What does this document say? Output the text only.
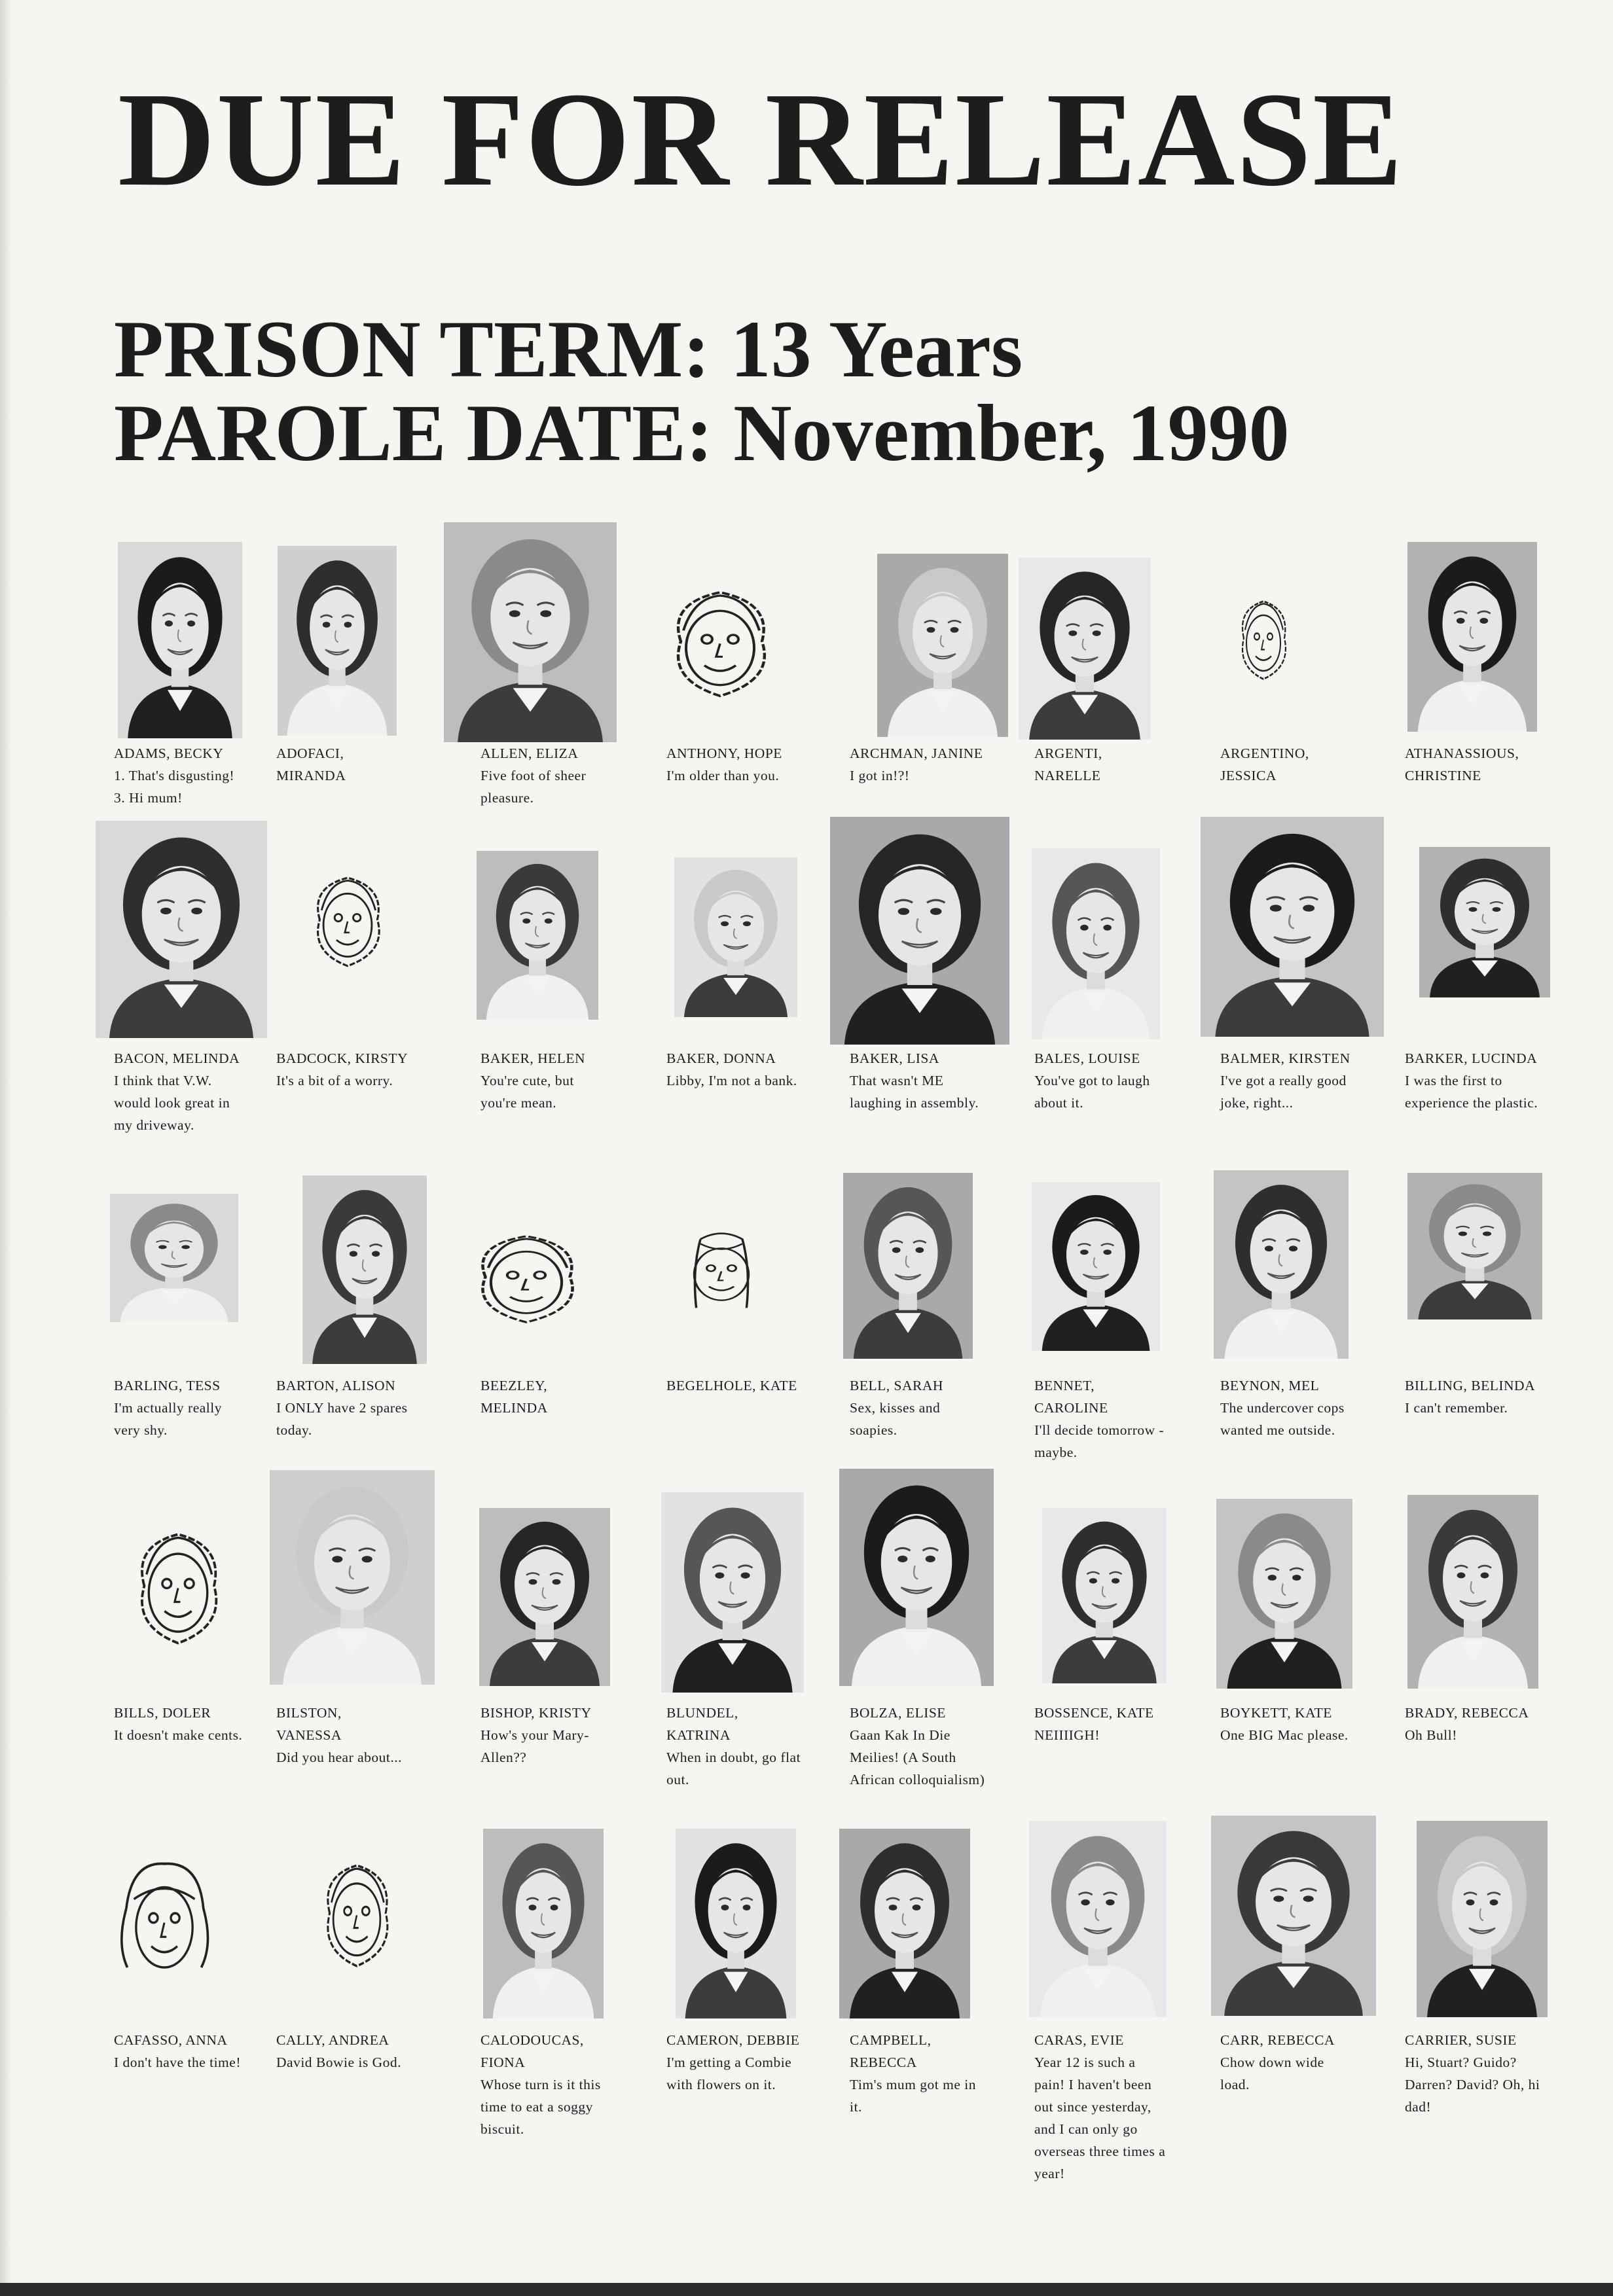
DUE FOR RELEASE
PRISON TERM: 13 Years
PAROLE DATE: November, 1990
ADAMS, BECKY
1. That's disgusting!
3. Hi mum!
ADOFACI,
MIRANDA
ALLEN, ELIZA
Five foot of sheer
pleasure.
ANTHONY, HOPE
I'm older than you.
ARCHMAN, JANINE
I got in!?!
ARGENTI,
NARELLE
ARGENTINO,
JESSICA
ATHANASSIOUS,
CHRISTINE
BACON, MELINDA
I think that V.W.
would look great in
my driveway.
BADCOCK, KIRSTY
It's a bit of a worry.
BAKER, HELEN
You're cute, but
you're mean.
BAKER, DONNA
Libby, I'm not a bank.
BAKER, LISA
That wasn't ME
laughing in assembly.
BALES, LOUISE
You've got to laugh
about it.
BALMER, KIRSTEN
I've got a really good
joke, right...
BARKER, LUCINDA
I was the first to
experience the plastic.
BARLING, TESS
I'm actually really
very shy.
BARTON, ALISON
I ONLY have 2 spares
today.
BEEZLEY,
MELINDA
BEGELHOLE, KATE	BELL, SARAH
Sex, kisses and
soapies.
BENNET,
CAROLINE
I'll decide tomorrow -
maybe.
BEYNON, MEL
The undercover cops
wanted me outside.
BILLING, BELINDA
I can't remember.
BILLS, DOLER
It doesn't make cents.
BILSTON,
VANESSA
Did you hear about...
BISHOP, KRISTY
How's your Mary-
Allen??
BLUNDEL,
KATRINA
When in doubt, go flat
out.
BOLZA, ELISE
Gaan Kak In Die
Meilies! (A South
African colloquialism)
BOSSENCE, KATE
NEIIIIGH!
BOYKETT, KATE
One BIG Mac please.
BRADY, REBECCA
Oh Bull!
CAFASSO, ANNA
I don't have the time!
CALLY, ANDREA
David Bowie is God.
CALODOUCAS,
FIONA
Whose turn is it this
time to eat a soggy
biscuit.
CAMERON, DEBBIE
I'm getting a Combie
with flowers on it.
CAMPBELL,
REBECCA
Tim's mum got me in
it.
CARAS, EVIE
Year 12 is such a
pain! I haven't been
out since yesterday,
and I can only go
overseas three times a
year!
CARR, REBECCA
Chow down wide
load.
CARRIER, SUSIE
Hi, Stuart? Guido?
Darren? David? Oh, hi
dad!
